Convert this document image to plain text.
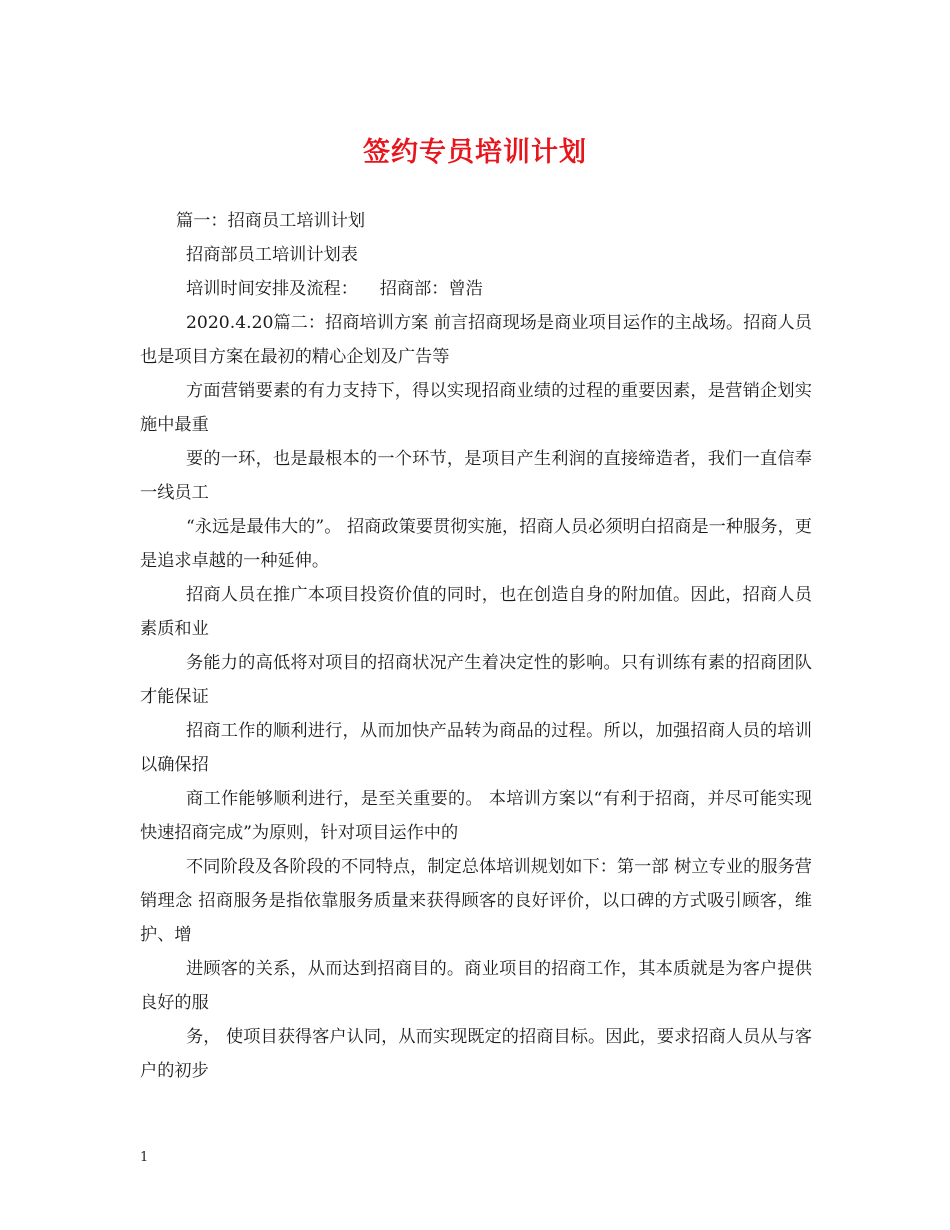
签约专员培训计划

篇一：招商员工培训计划

招商部员工培训计划表

培训时间安排及流程：    招商部：曾浩

2020.4.20篇二：招商培训方案 前言招商现场是商业项目运作的主战场。招商人员也是项目方案在最初的精心企划及广告等

方面营销要素的有力支持下，得以实现招商业绩的过程的重要因素，是营销企划实施中最重

要的一环，也是最根本的一个环节，是项目产生利润的直接缔造者，我们一直信奉一线员工

“永远是最伟大的”。 招商政策要贯彻实施，招商人员必须明白招商是一种服务，更是追求卓越的一种延伸。

招商人员在推广本项目投资价值的同时，也在创造自身的附加值。因此，招商人员素质和业

务能力的高低将对项目的招商状况产生着决定性的影响。只有训练有素的招商团队才能保证

招商工作的顺利进行，从而加快产品转为商品的过程。所以，加强招商人员的培训以确保招

商工作能够顺利进行，是至关重要的。 本培训方案以“有利于招商，并尽可能实现快速招商完成”为原则，针对项目运作中的

不同阶段及各阶段的不同特点，制定总体培训规划如下：第一部 树立专业的服务营销理念 招商服务是指依靠服务质量来获得顾客的良好评价，以口碑的方式吸引顾客，维护、增

进顾客的关系，从而达到招商目的。商业项目的招商工作，其本质就是为客户提供良好的服

务， 使项目获得客户认同，从而实现既定的招商目标。因此，要求招商人员从与客户的初步

1
